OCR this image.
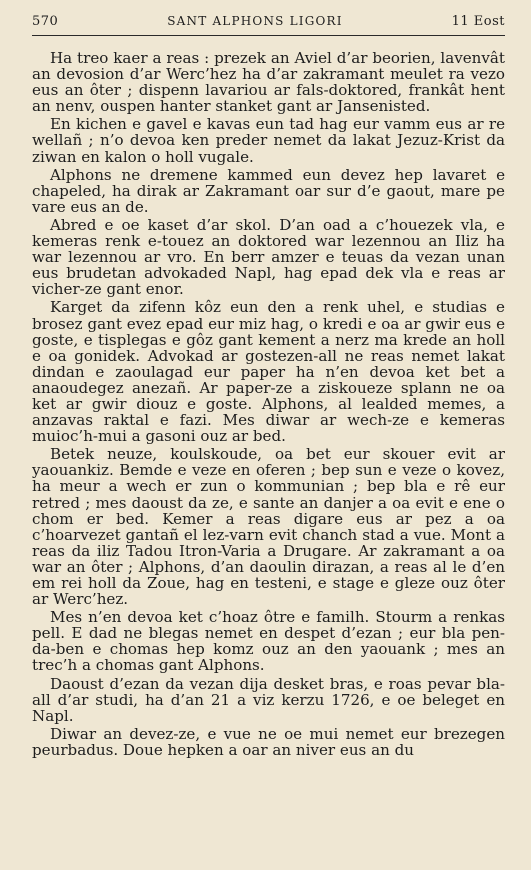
570	SANT ALPHONS LIGORI	11 Eost

Ha treo kaer a reas : prezek an Aviel d’ar beorien, lavenvât an devosion d’ar Werc’hez ha d’ar zakramant meulet ra vezo eus an ôter ; dispenn lavariou ar fals-doktored, frankât hent an nenv, ouspen hanter stanket gant ar Jansenisted.

En kichen e gavel e kavas eun tad hag eur vamm eus ar re wellañ ; n’o devoa ken preder nemet da lakat Jezuz-Krist da ziwan en kalon o holl vugale.

Alphons ne dremene kammed eun devez hep lavaret e chapeled, ha dirak ar Zakramant oar sur d’e gaout, mare pe vare eus an de.

Abred e oe kaset d’ar skol. D’an oad a c’houezek vla, e kemeras renk e-touez an doktored war lezennou an Iliz ha war lezennou ar vro. En berr amzer e teuas da vezan unan eus brudetan advokaded Napl, hag epad dek vla e reas ar vicher-ze gant enor.

Karget da zifenn kôz eun den a renk uhel, e studias e brosez gant evez epad eur miz hag, o kredi e oa ar gwir eus e goste, e tisplegas e gôz gant kement a nerz ma krede an holl e oa gonidek. Advokad ar gostezen-all ne reas nemet lakat dindan e zaoulagad eur paper ha n’en devoa ket bet a anaoudegez anezañ. Ar paper-ze a ziskoueze splann ne oa ket ar gwir diouz e goste. Alphons, al lealded memes, a anzavas raktal e fazi. Mes diwar ar wech-ze e kemeras muioc’h-mui a gasoni ouz ar bed.

Betek neuze, koulskoude, oa bet eur skouer evit ar yaouankiz. Bemde e veze en oferen ; bep sun e veze o kovez, ha meur a wech er zun o kommunian ; bep bla e rê eur retred ; mes daoust da ze, e sante an danjer a oa evit e ene o chom er bed. Kemer a reas digare eus ar pez a oa c’hoarvezet gantañ el lez-varn evit chanch stad a vue. Mont a reas da iliz Tadou Itron-Varia a Drugare. Ar zakramant a oa war an ôter ; Alphons, d’an daoulin dirazan, a reas al le d’en em rei holl da Zoue, hag en testeni, e stage e gleze ouz ôter ar Werc’hez.

Mes n’en devoa ket c’hoaz ôtre e familh. Stourm a renkas pell. E dad ne blegas nemet en despet d’ezan ; eur bla pen-da-ben e chomas hep komz ouz an den yaouank ; mes an trec’h a chomas gant Alphons.

Daoust d’ezan da vezan dija desket bras, e roas pevar bla-all d’ar studi, ha d’an 21 a viz kerzu 1726, e oe beleget en Napl.

Diwar an devez-ze, e vue ne oe mui nemet eur brezegen peurbadus. Doue hepken a oar an niver eus an du
